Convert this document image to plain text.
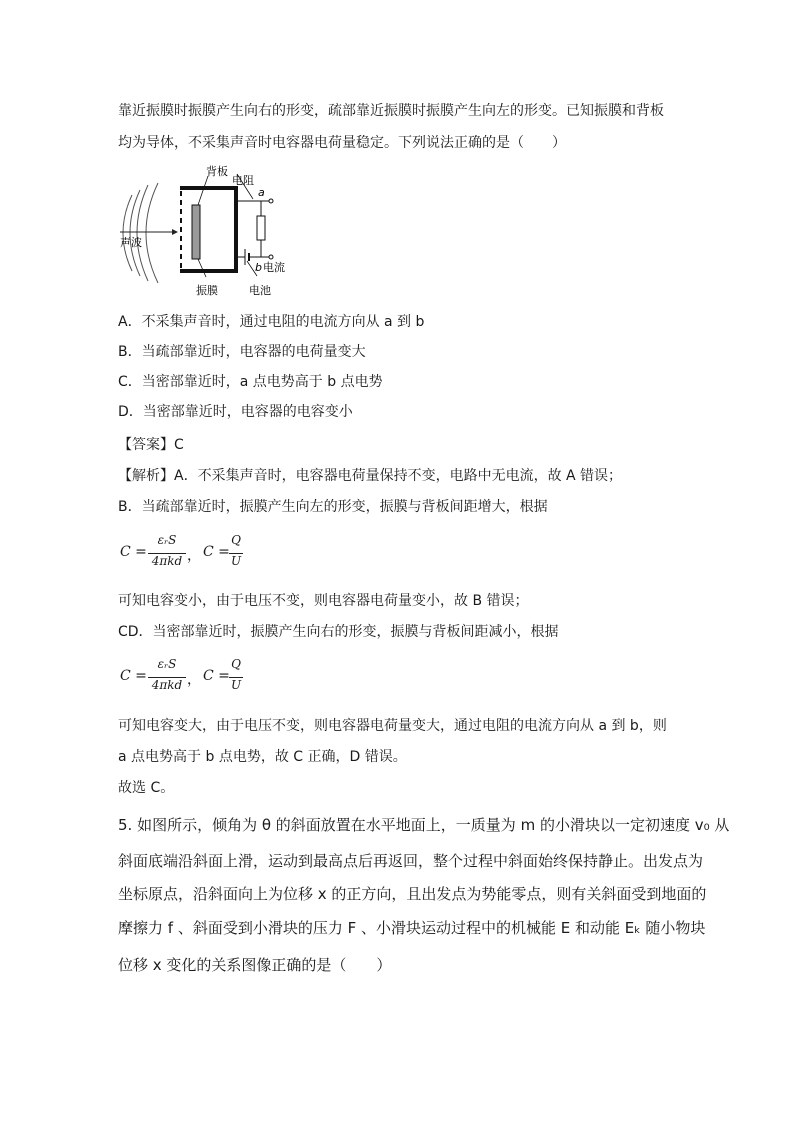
靠近振膜时振膜产生向右的形变，疏部靠近振膜时振膜产生向左的形变。已知振膜和背板
均为导体，不采集声音时电容器电荷量稳定。下列说法正确的是（　　）
背板
电阻
a
声波
b 电流
振膜	电池
A．不采集声音时，通过电阻的电流方向从 a 到 b
B．当疏部靠近时，电容器的电荷量变大
C．当密部靠近时，a 点电势高于 b 点电势
D．当密部靠近时，电容器的电容变小
【答案】C
【解析】A．不采集声音时，电容器电荷量保持不变，电路中无电流，故 A 错误；
B．当疏部靠近时，振膜产生向左的形变，振膜与背板间距增大，根据
C =
εᵣS
4πkd ， C =
Q
U
可知电容变小，由于电压不变，则电容器电荷量变小，故 B 错误；
CD．当密部靠近时，振膜产生向右的形变，振膜与背板间距减小，根据
C =
εᵣS
4πkd ， C =
Q
U
可知电容变大，由于电压不变，则电容器电荷量变大，通过电阻的电流方向从 a 到 b，则
a 点电势高于 b 点电势，故 C 正确，D 错误。
故选 C。
5. 如图所示，倾角为 θ 的斜面放置在水平地面上，一质量为 m 的小滑块以一定初速度 v₀ 从
斜面底端沿斜面上滑，运动到最高点后再返回，整个过程中斜面始终保持静止。出发点为
坐标原点，沿斜面向上为位移 x 的正方向，且出发点为势能零点，则有关斜面受到地面的
摩擦力 f 、斜面受到小滑块的压力 F 、小滑块运动过程中的机械能 E 和动能 Eₖ 随小物块
位移 x 变化的关系图像正确的是（　　）
